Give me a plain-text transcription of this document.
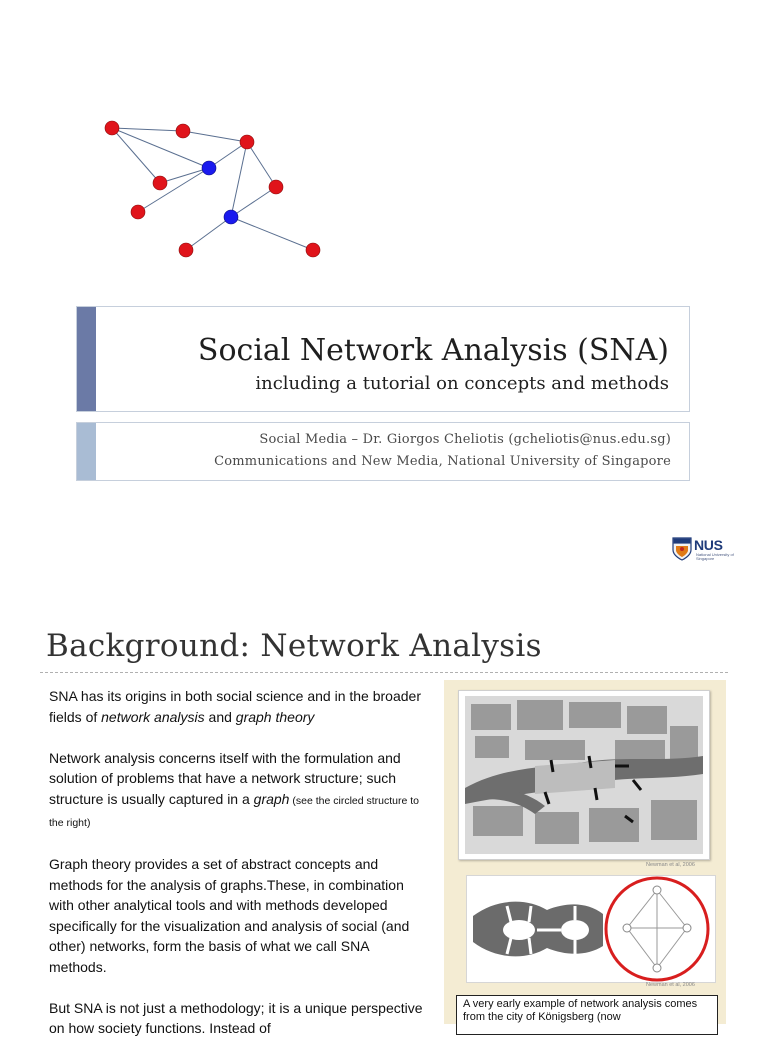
Social Network Analysis (SNA)
including a tutorial on concepts and methods
Social Media – Dr. Giorgos Cheliotis (gcheliotis@nus.edu.sg)
Communications and New Media, National University of Singapore
NUS
National University of Singapore
Background: Network Analysis

SNA has its origins in both social science and in the broader fields of network analysis and graph theory

Network analysis concerns itself with the formulation and solution of problems that have a network structure; such structure is usually captured in a graph (see the circled structure to the right)

Graph theory provides a set of abstract concepts and methods for the analysis of graphs.These, in combination with other analytical tools and with methods developed specifically for the visualization and analysis of social (and other) networks, form the basis of what we call SNA methods.

But SNA is not just a methodology; it is a unique perspective on how society functions. Instead of

Newman et al, 2006
Newman et al, 2006
A very early example of network analysis comes from the city of Königsberg (now
